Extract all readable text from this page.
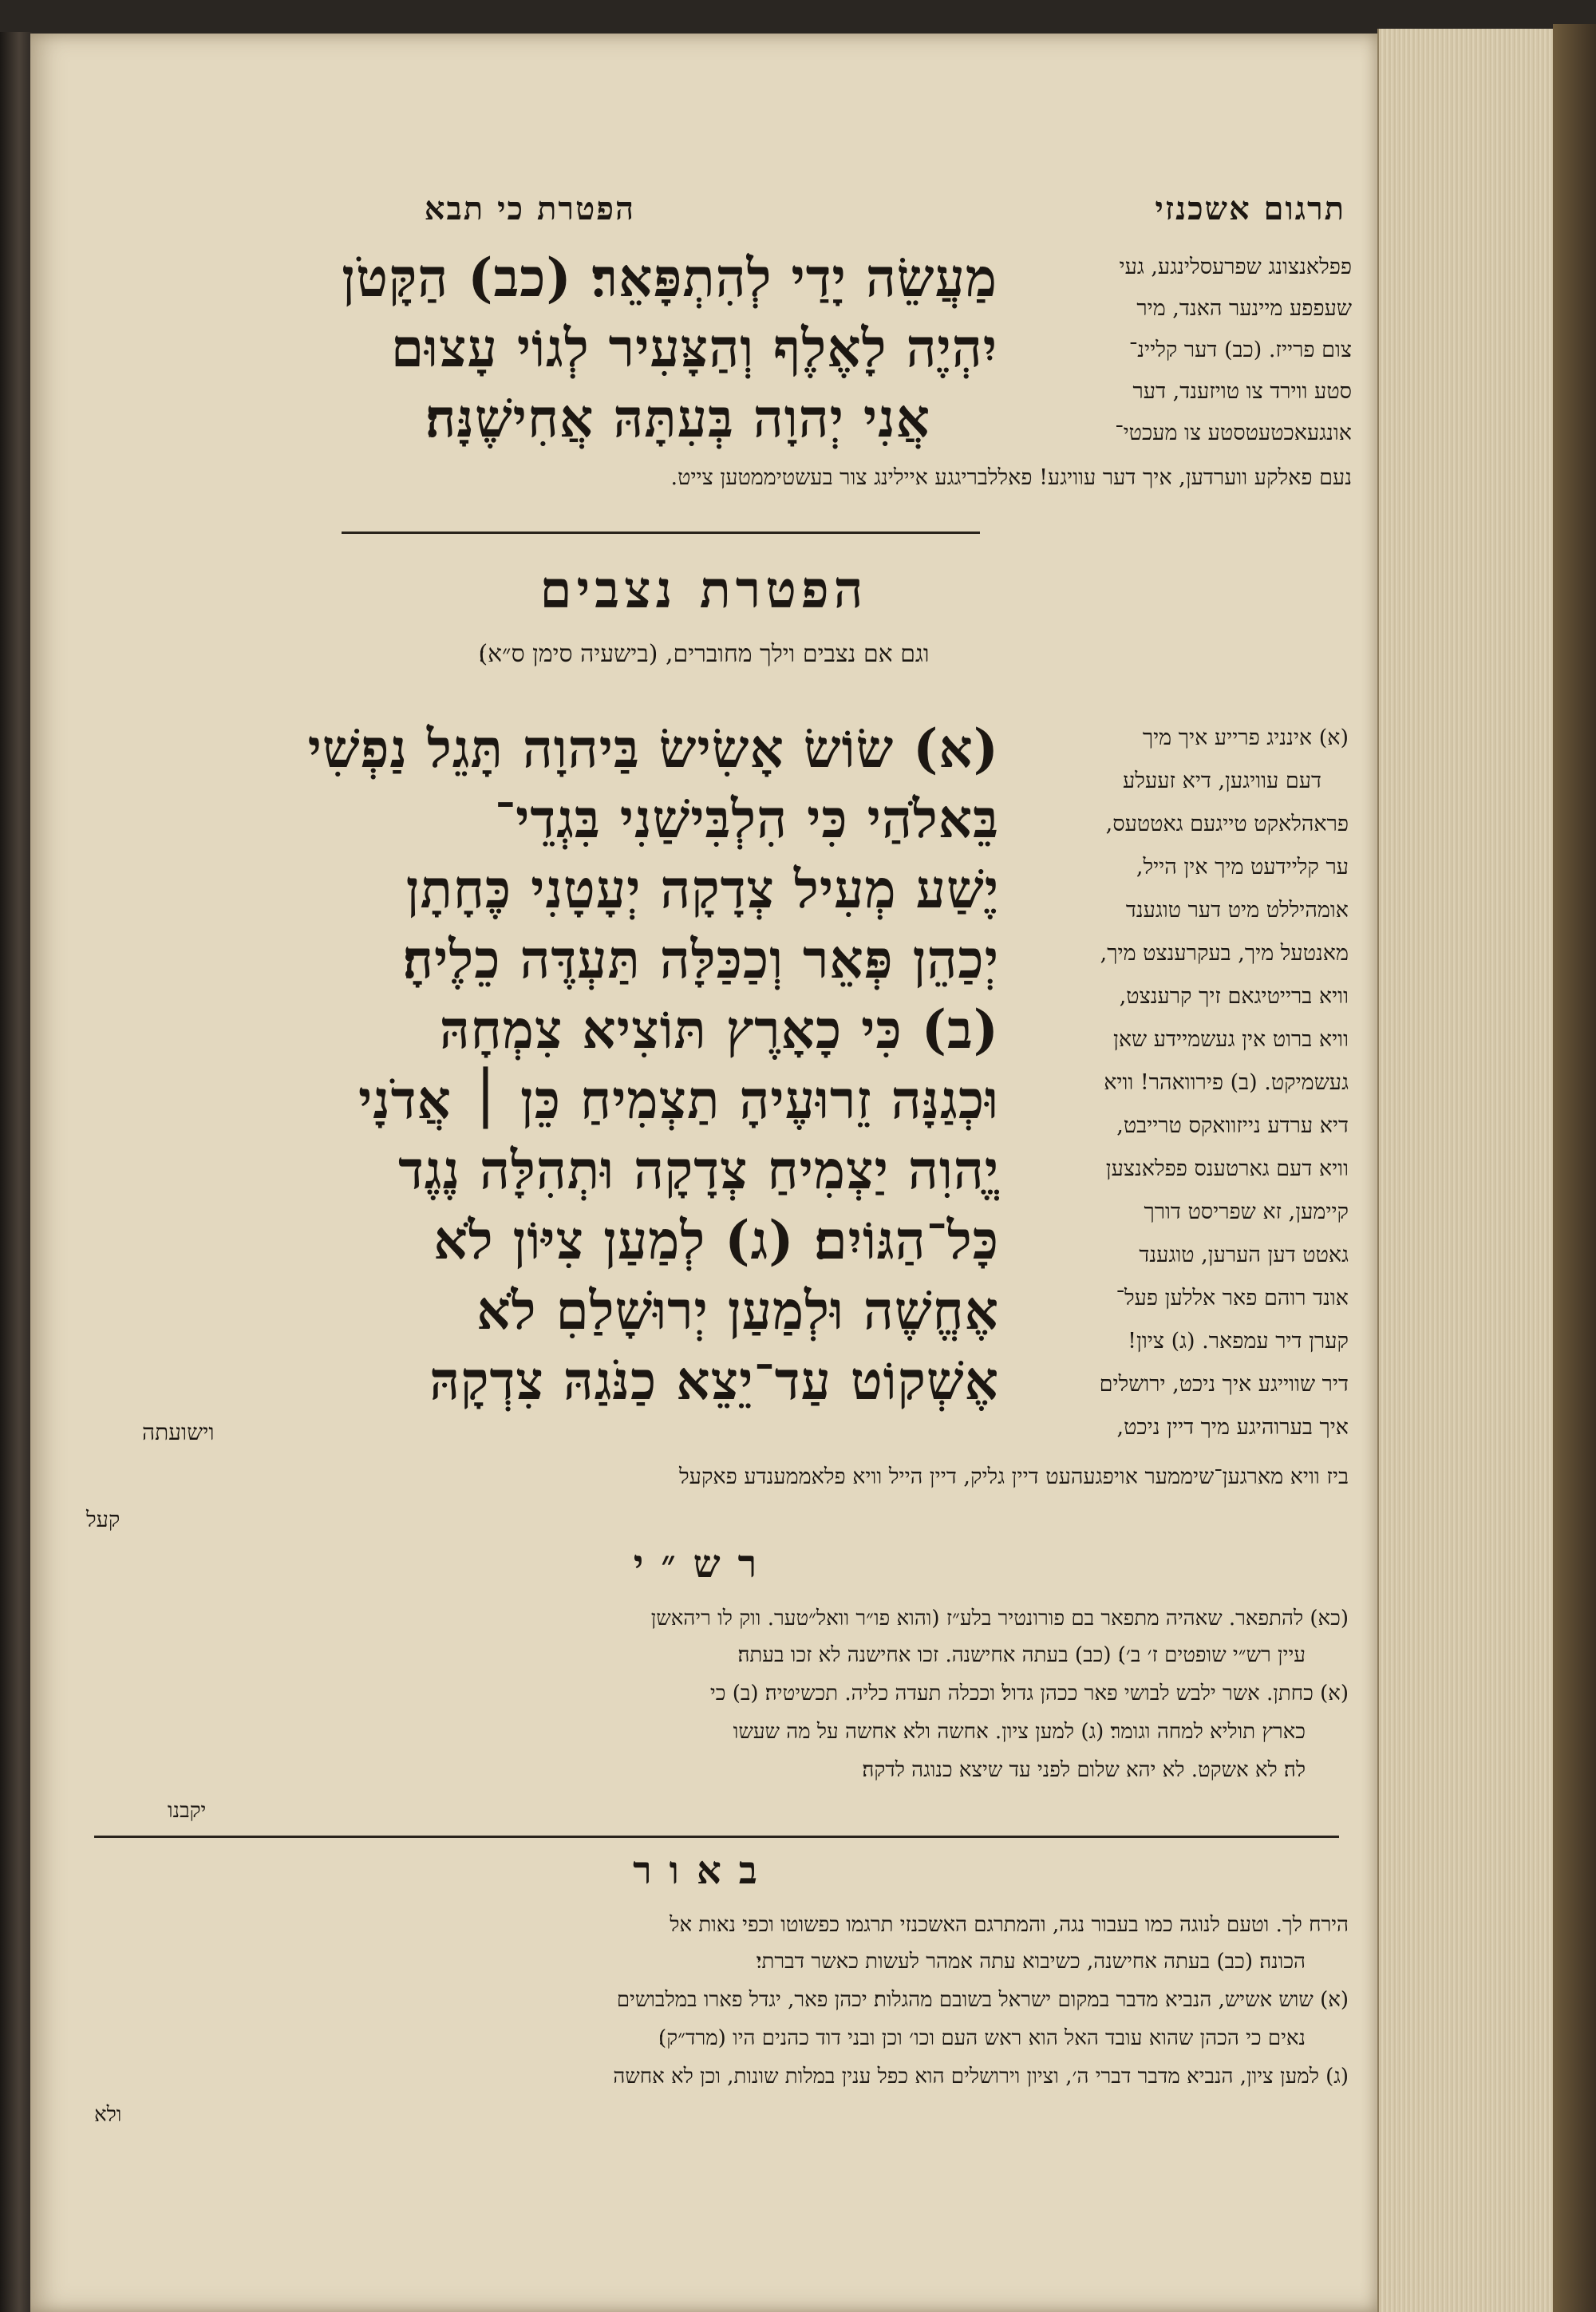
תרגום אשכנזי

הפטרת כי תבא

פפלאנצונג שפרעסלינגע, געי

שעפפע מיינער האנד, מיר

צום פרייז. (כב) דער קליינ־

סטע ווירד צו טויזענד, דער

אונגעאכטעטסטע צו מעכטי־

נעם פאלקע ווערדען, איך דער עוויגע! פאללבריגגע איילינג צור בעשטיממטען צייט.

מַעֲשֵׂה יָדַי לְהִתְפָּאֵר׃ (כב) הַקָּטֹן

יִהְיֶה לָאֶלֶף וְהַצָּעִיר לְגוֹי עָצוּם

אֲנִי יְהוָה בְּעִתָּהּ אֲחִישֶׁנָּה׃

הפטרת נצבים

וגם אם נצבים וילך מחוברים, (בישעיה סימן ס״א)׃

(א) אינניג פרייע איך מיך

דעם עוויגען, דיא זעעלע

פראהלאקט טייגעם גאטטעס,

ער קליידעט מיך אין הייל,

אומהיללט מיט דער טוגענד

מאנטעל מיך, בעקרענצט מיך,

וויא ברייטיגאם זיך קרענצט,

וויא ברוט אין געשמיידע שאן

געשמיקט. (ב) פירוואהר! וויא

דיא ערדע נייזוואקס טרייבט,

וויא דעם גארטענס פפלאנצען

קיימען, זא שפריסט דורך

גאטט דען הערען, טוגענד

אונד רוהם פאר אללען פעל־

קערן דיר עמפאר. (ג) ציון!

דיר שווייגע איך ניכט, ירושלים

איך בערוהיגע מיך דיין ניכט,

(א) שׂוֹשׂ אָשִׂישׂ בַּיהוָה תָּגֵל נַפְשִׁי

בֵּאלֹהַי כִּי הִלְבִּישַׁנִי בִּגְדֵי־

יֶשַׁע מְעִיל צְדָקָה יְעָטָנִי כֶּחָתָן

יְכַהֵן פְּאֵר וְכַכַּלָּה תַּעְדֶּה כֵלֶיהָ׃

(ב) כִּי כָאָרֶץ תּוֹצִיא צִמְחָהּ

וּכְגַנָּה זֵרוּעֶיהָ תַצְמִיחַ כֵּן ׀ אֲדֹנָי

יֱהוִה יַצְמִיחַ צְדָקָה וּתְהִלָּה נֶגֶד

כָּל־הַגּוֹיִם׃ (ג) לְמַעַן צִיּוֹן לֹא

אֶחֱשֶׁה וּלְמַעַן יְרוּשָׁלַםִ לֹא

אֶשְׁקוֹט עַד־יֵצֵא כַנֹּגַהּ צִדְקָהּ

וישועתה

ביז וויא מארגען־שיממער אויפגעהעט דיין גליק, דיין הייל וויא פלאממענדע פאקעל

קעל

רש״י

(כא) להתפאר. שאהיה מתפאר בם פורונטיר בלע״ז (והוא פו״ר וואל״טער. ווק לו ריהאשן

עיין רש״י שופטים ז׳ ב׳)׃ (כב) בעתה אחישנה. זכו אחישנה לא זכו בעתה׃

(א) כחתן. אשר ילבש לבושי פאר ככהן גדול׃ וככלה תעדה כליה. תכשיטיה׃ (ב) כי

כארץ תוליא למחה וגומר׃ (ג) למען ציון. אחשה ולא אחשה על מה שעשו

לה׃ לא אשקט. לא יהא שלום לפני עד שיצא כנוגה לדקה׃

יקבנו

באור

הירח לך. וטעם לנוגה כמו בעבור נגה, והמתרגם האשכנזי תרגמו כפשוטו וכפי נאות אל

הכונה׃ (כב) בעתה אחישנה, כשיבוא עתה אמהר לעשות כאשר דברתי׃

(א) שוש אשיש, הנביא מדבר במקום ישראל בשובם מהגלות׃ יכהן פאר, יגדל פארו במלבושים

נאים כי הכהן שהוא עובד האל הוא ראש העם וכו׳ וכן ובני דוד כהנים היו (מרד״ק)׃

(ג) למען ציון, הנביא מדבר דברי ה׳, וציון וירושלים הוא כפל ענין במלות שונות, וכן לא אחשה

ולא
